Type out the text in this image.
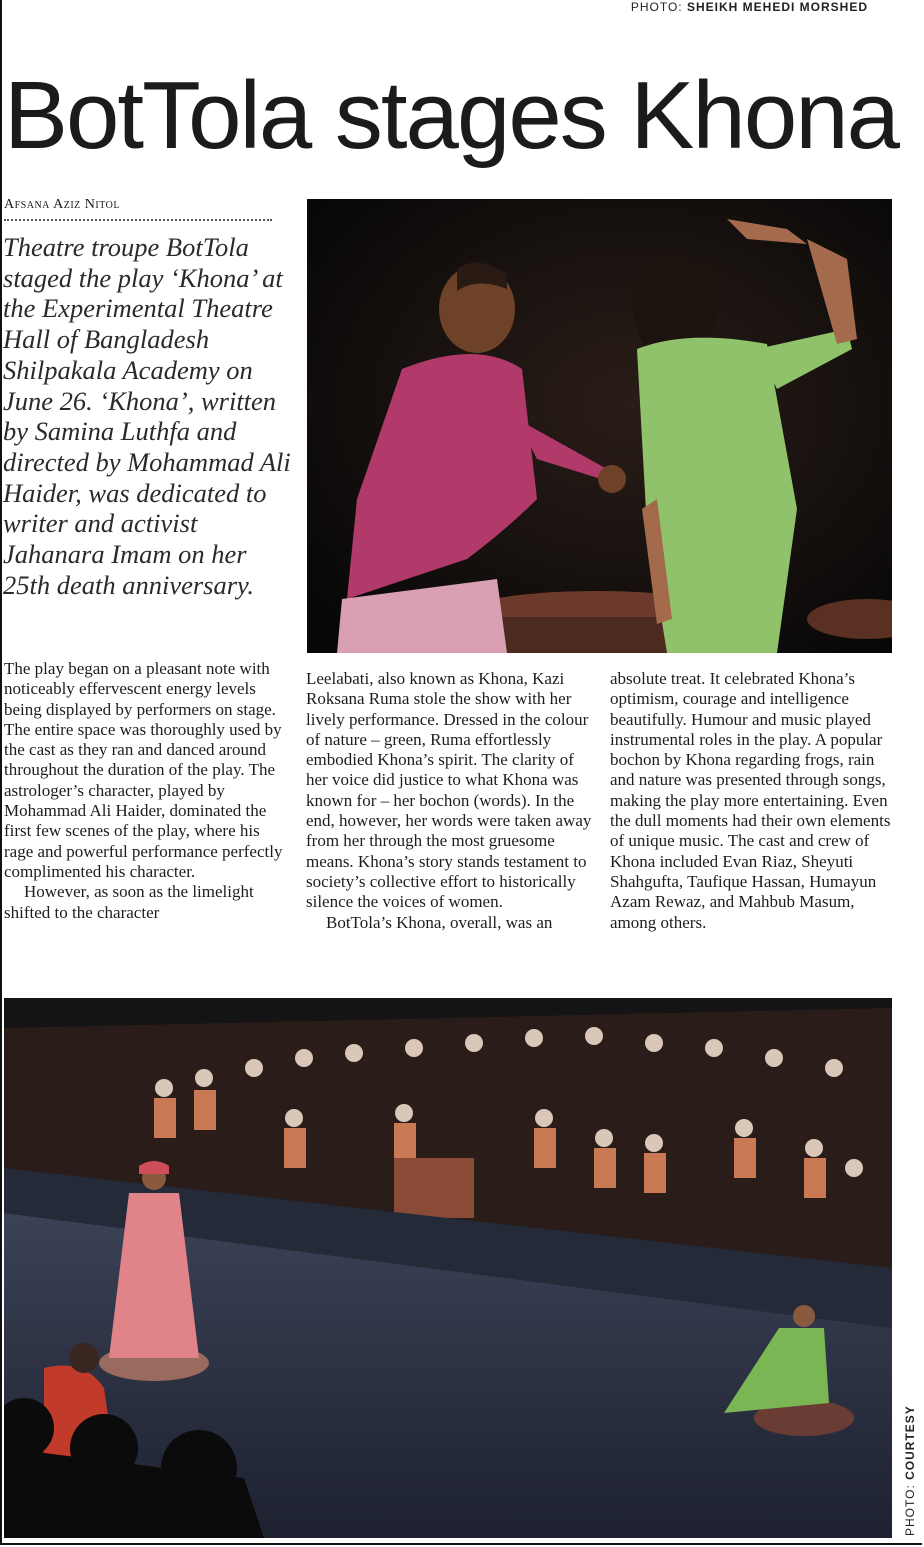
PHOTO: SHEIKH MEHEDI MORSHED
BotTola stages Khona
Afsana Aziz Nitol

Theatre troupe BotTola staged the play ‘Khona’ at the Experimental Theatre Hall of Bangladesh Shilpakala Academy on June 26. ‘Khona’, written by Samina Luthfa and directed by Mohammad Ali Haider, was dedicated to writer and activist Jahanara Imam on her 25th death anniversary.

The play began on a pleasant note with noticeably effervescent energy levels being displayed by performers on stage. The entire space was thoroughly used by the cast as they ran and danced around throughout the duration of the play. The astrologer’s character, played by Mohammad Ali Haider, dominated the first few scenes of the play, where his rage and powerful performance perfectly complimented his character.

However, as soon as the limelight shifted to the character

Leelabati, also known as Khona, Kazi Roksana Ruma stole the show with her lively performance. Dressed in the colour of nature – green, Ruma effortlessly embodied Khona’s spirit. The clarity of her voice did justice to what Khona was known for – her bochon (words). In the end, however, her words were taken away from her through the most gruesome means. Khona’s story stands testament to society’s collective effort to historically silence the voices of women.

BotTola’s Khona, overall, was an

absolute treat. It celebrated Khona’s optimism, courage and intelligence beautifully. Humour and music played instrumental roles in the play. A popular bochon by Khona regarding frogs, rain and nature was presented through songs, making the play more entertaining. Even the dull moments had their own elements of unique music. The cast and crew of Khona included Evan Riaz, Sheyuti Shahgufta, Taufique Hassan, Humayun Azam Rewaz, and Mahbub Masum, among others.

PHOTO: COURTESY
